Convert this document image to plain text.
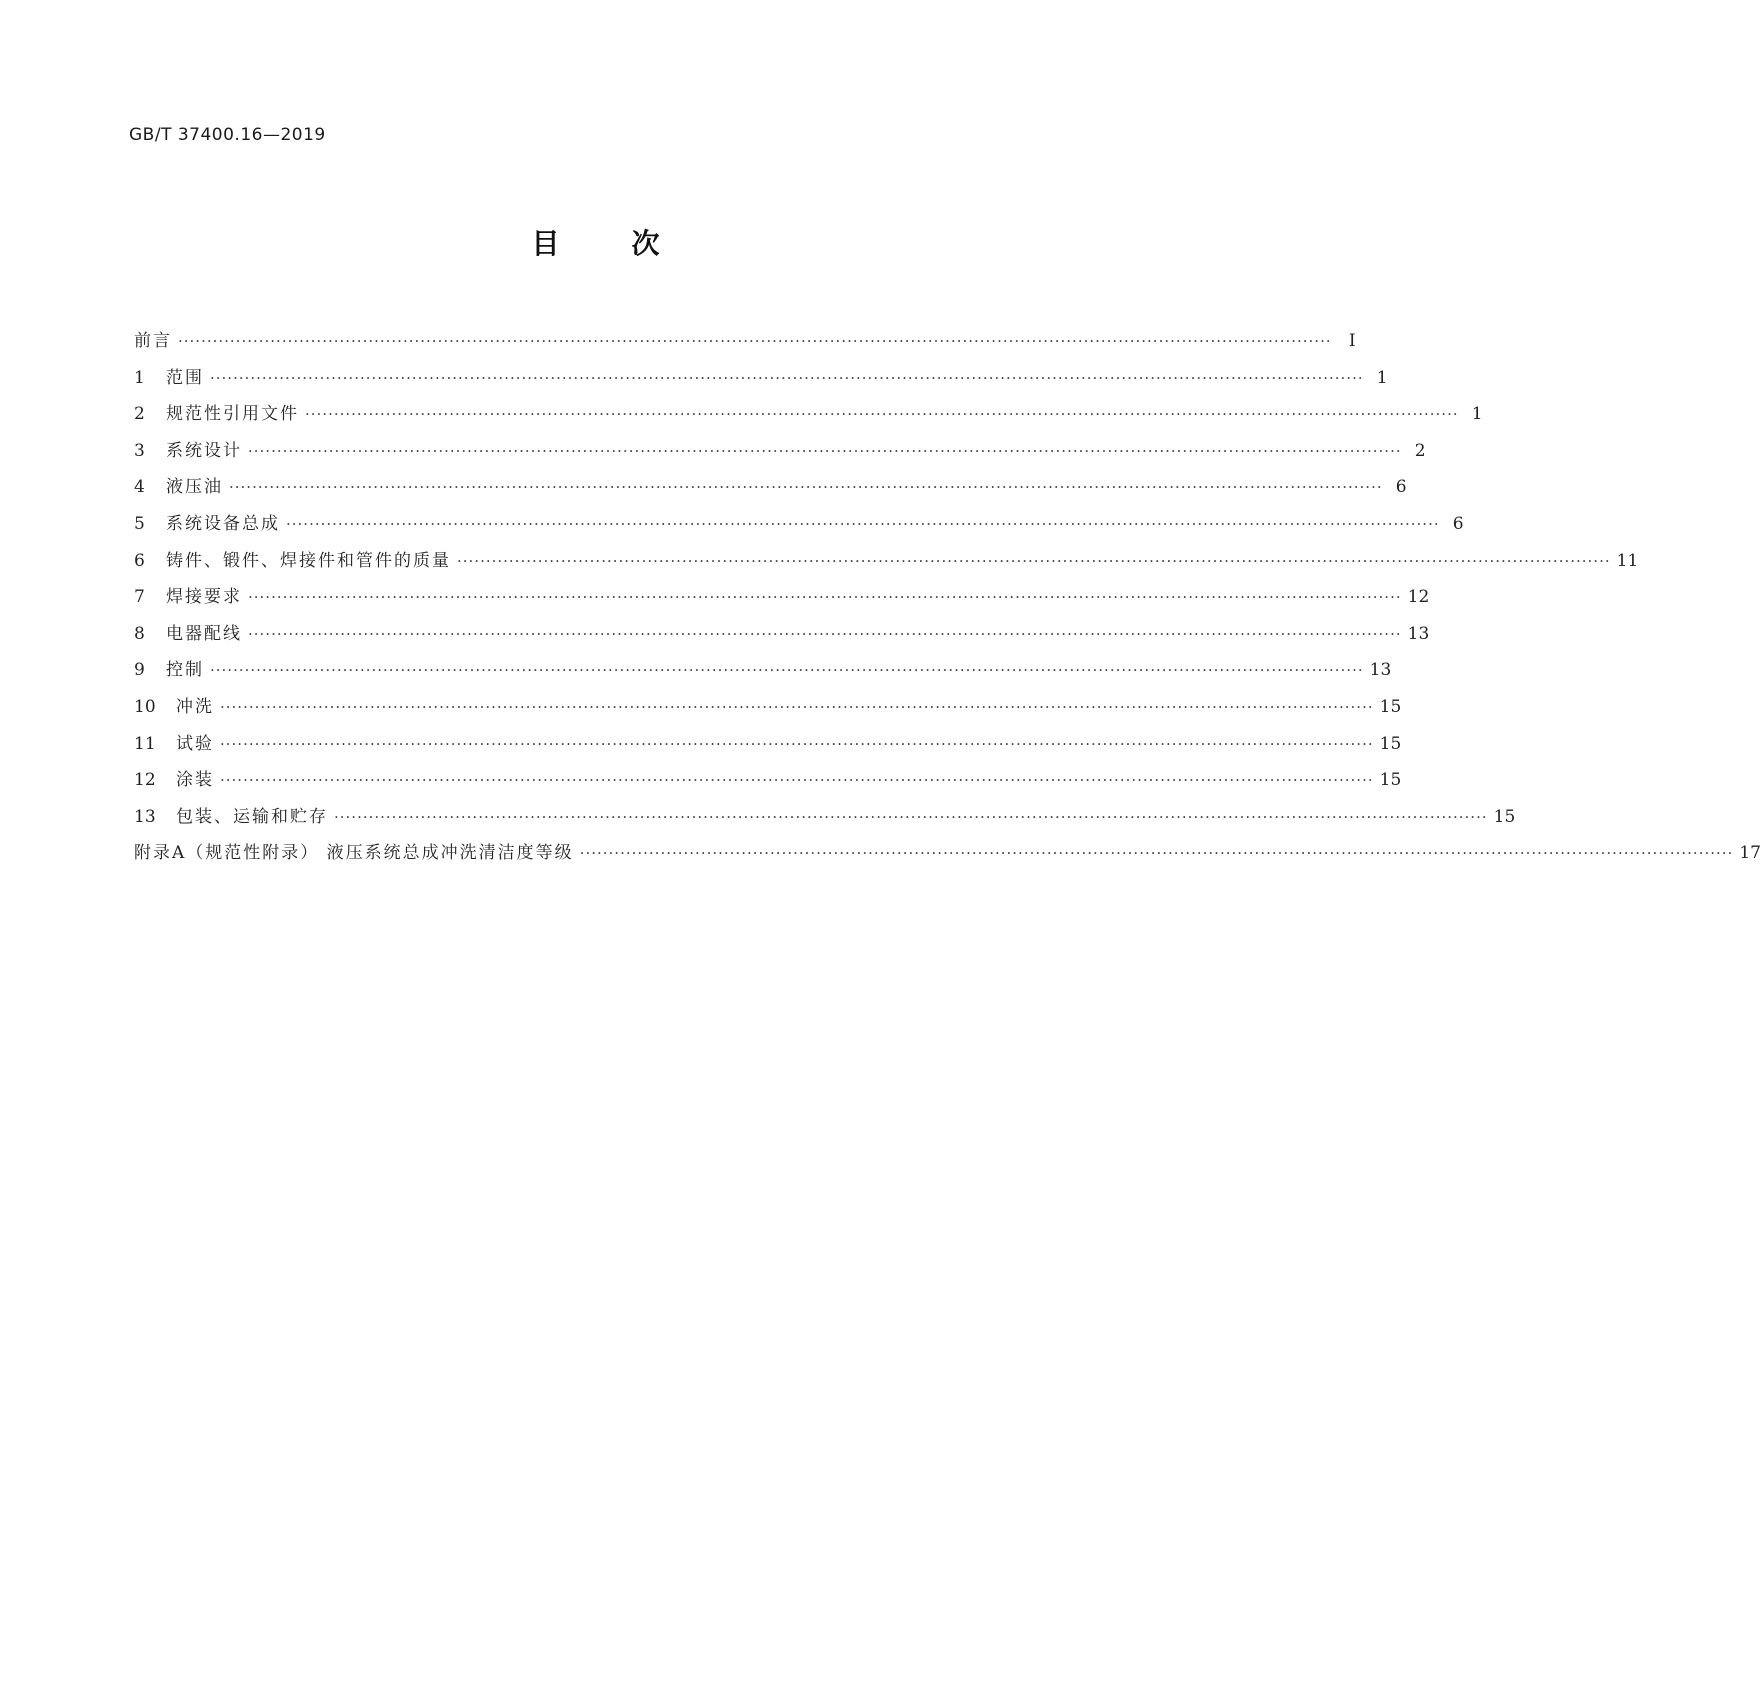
GB/T 37400.16—2019
目次
前言 ········································································································································································································	Ⅰ
1	范围 ········································································································································································································ 1
2	规范性引用文件 ········································································································································································································ 1
3	系统设计 ········································································································································································································ 2
4	液压油 ········································································································································································································ 6
5	系统设备总成 ········································································································································································································ 6
6	铸件、锻件、焊接件和管件的质量 ········································································································································································································ 11
7	焊接要求 ········································································································································································································ 12
8	电器配线 ········································································································································································································ 13
9	控制 ········································································································································································································ 13
10	冲洗 ········································································································································································································ 15
11	试验 ········································································································································································································ 15
12	涂装 ········································································································································································································ 15
13	包装、运输和贮存 ········································································································································································································ 15
附录A（规范性附录） 液压系统总成冲洗清洁度等级 ········································································································································································································ 17
